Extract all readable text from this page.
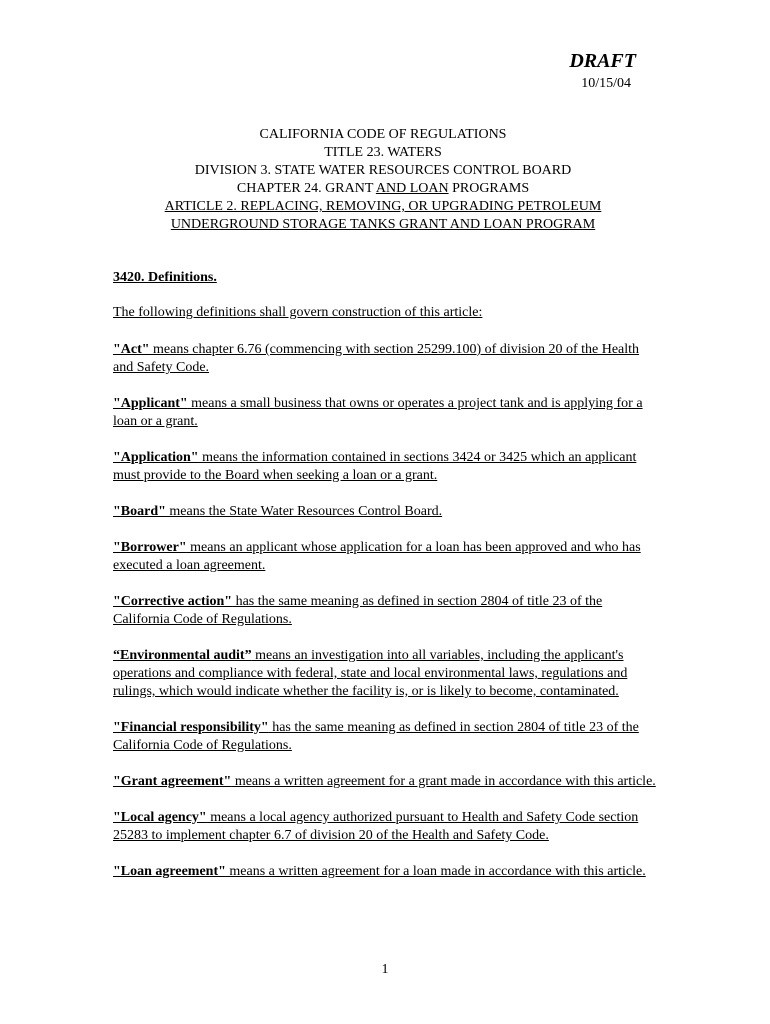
DRAFT
10/15/04
CALIFORNIA CODE OF REGULATIONS
TITLE 23. WATERS
DIVISION 3. STATE WATER RESOURCES CONTROL BOARD
CHAPTER 24. GRANT AND LOAN PROGRAMS
ARTICLE 2. REPLACING, REMOVING, OR UPGRADING PETROLEUM
UNDERGROUND STORAGE TANKS GRANT AND LOAN PROGRAM
3420. Definitions.
The following definitions shall govern construction of this article:

"Act" means chapter 6.76 (commencing with section 25299.100) of division 20 of the Health and Safety Code.

"Applicant" means a small business that owns or operates a project tank and is applying for a loan or a grant.

"Application" means the information contained in sections 3424 or 3425 which an applicant must provide to the Board when seeking a loan or a grant.

"Board" means the State Water Resources Control Board.

"Borrower" means an applicant whose application for a loan has been approved and who has executed a loan agreement.

"Corrective action" has the same meaning as defined in section 2804 of title 23 of the California Code of Regulations.

“Environmental audit” means an investigation into all variables, including the applicant's operations and compliance with federal, state and local environmental laws, regulations and rulings, which would indicate whether the facility is, or is likely to become, contaminated.

"Financial responsibility" has the same meaning as defined in section 2804 of title 23 of the California Code of Regulations.

"Grant agreement" means a written agreement for a grant made in accordance with this article.

"Local agency" means a local agency authorized pursuant to Health and Safety Code section 25283 to implement chapter 6.7 of division 20 of the Health and Safety Code.

"Loan agreement" means a written agreement for a loan made in accordance with this article.

1
